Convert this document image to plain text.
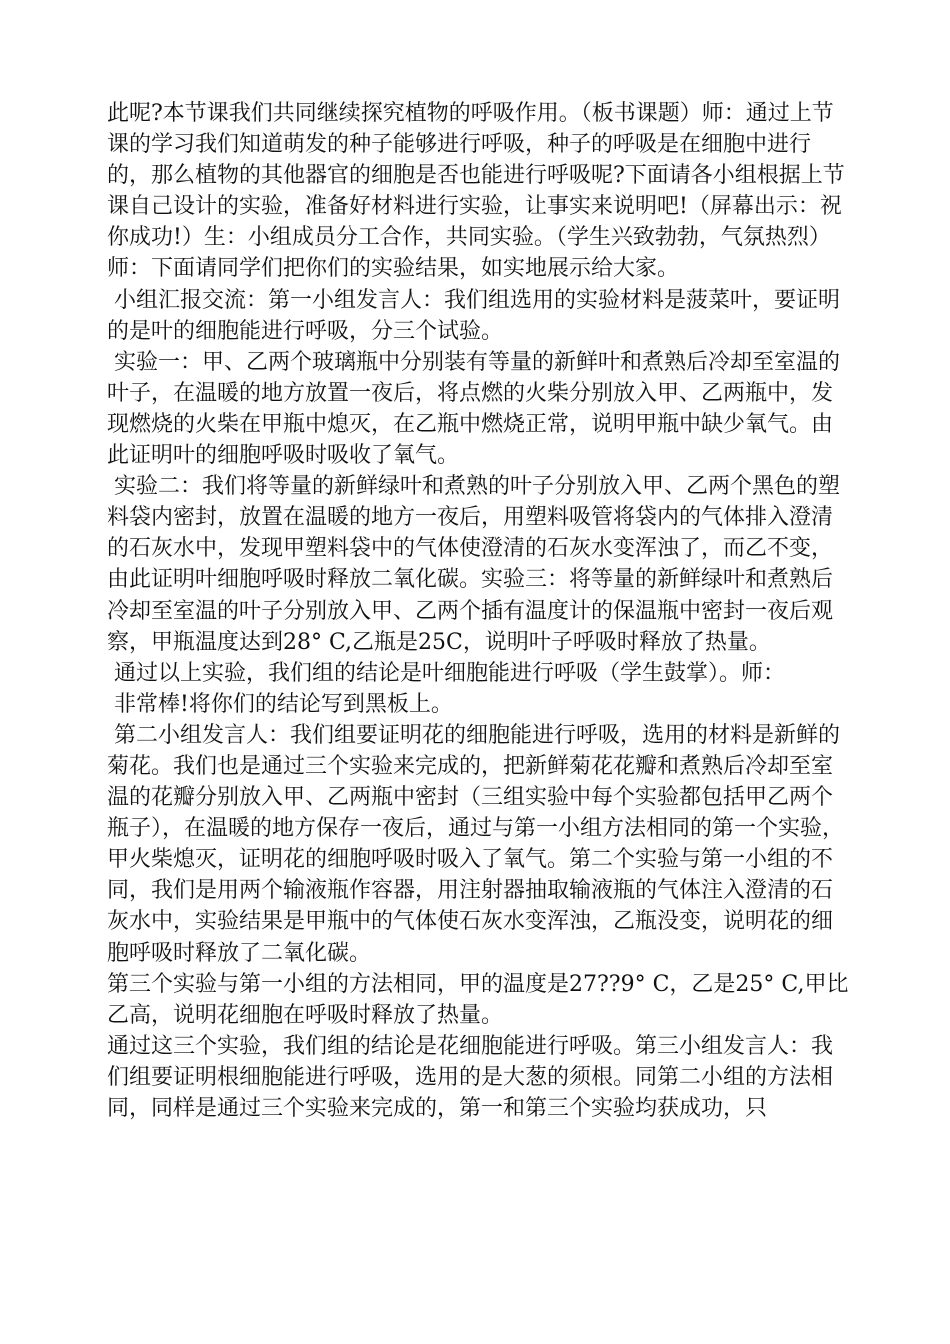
此呢?本节课我们共同继续探究植物的呼吸作用。（板书课题）师：通过上节课的学习我们知道萌发的种子能够进行呼吸，种子的呼吸是在细胞中进行的，那么植物的其他器官的细胞是否也能进行呼吸呢?下面请各小组根据上节课自己设计的实验，准备好材料进行实验，让事实来说明吧!（屏幕出示：祝你成功!）生：小组成员分工合作，共同实验。（学生兴致勃勃，气氛热烈）师：下面请同学们把你们的实验结果，如实地展示给大家。

小组汇报交流：第一小组发言人：我们组选用的实验材料是菠菜叶，要证明的是叶的细胞能进行呼吸，分三个试验。

实验一：甲、乙两个玻璃瓶中分别装有等量的新鲜叶和煮熟后冷却至室温的叶子，在温暖的地方放置一夜后，将点燃的火柴分别放入甲、乙两瓶中，发现燃烧的火柴在甲瓶中熄灭，在乙瓶中燃烧正常，说明甲瓶中缺少氧气。由此证明叶的细胞呼吸时吸收了氧气。

实验二：我们将等量的新鲜绿叶和煮熟的叶子分别放入甲、乙两个黑色的塑料袋内密封，放置在温暖的地方一夜后，用塑料吸管将袋内的气体排入澄清的石灰水中，发现甲塑料袋中的气体使澄清的石灰水变浑浊了，而乙不变，由此证明叶细胞呼吸时释放二氧化碳。实验三：将等量的新鲜绿叶和煮熟后冷却至室温的叶子分别放入甲、乙两个插有温度计的保温瓶中密封一夜后观察，甲瓶温度达到28° C,乙瓶是25C，说明叶子呼吸时释放了热量。

通过以上实验，我们组的结论是叶细胞能进行呼吸（学生鼓掌）。师：

非常棒!将你们的结论写到黑板上。

第二小组发言人：我们组要证明花的细胞能进行呼吸，选用的材料是新鲜的菊花。我们也是通过三个实验来完成的，把新鲜菊花花瓣和煮熟后冷却至室温的花瓣分别放入甲、乙两瓶中密封（三组实验中每个实验都包括甲乙两个瓶子），在温暖的地方保存一夜后，通过与第一小组方法相同的第一个实验，甲火柴熄灭，证明花的细胞呼吸时吸入了氧气。第二个实验与第一小组的不同，我们是用两个输液瓶作容器，用注射器抽取输液瓶的气体注入澄清的石灰水中，实验结果是甲瓶中的气体使石灰水变浑浊，乙瓶没变，说明花的细胞呼吸时释放了二氧化碳。

第三个实验与第一小组的方法相同，甲的温度是27??9° C，乙是25° C,甲比乙高，说明花细胞在呼吸时释放了热量。

通过这三个实验，我们组的结论是花细胞能进行呼吸。第三小组发言人：我们组要证明根细胞能进行呼吸，选用的是大葱的须根。同第二小组的方法相同，同样是通过三个实验来完成的，第一和第三个实验均获成功，只
